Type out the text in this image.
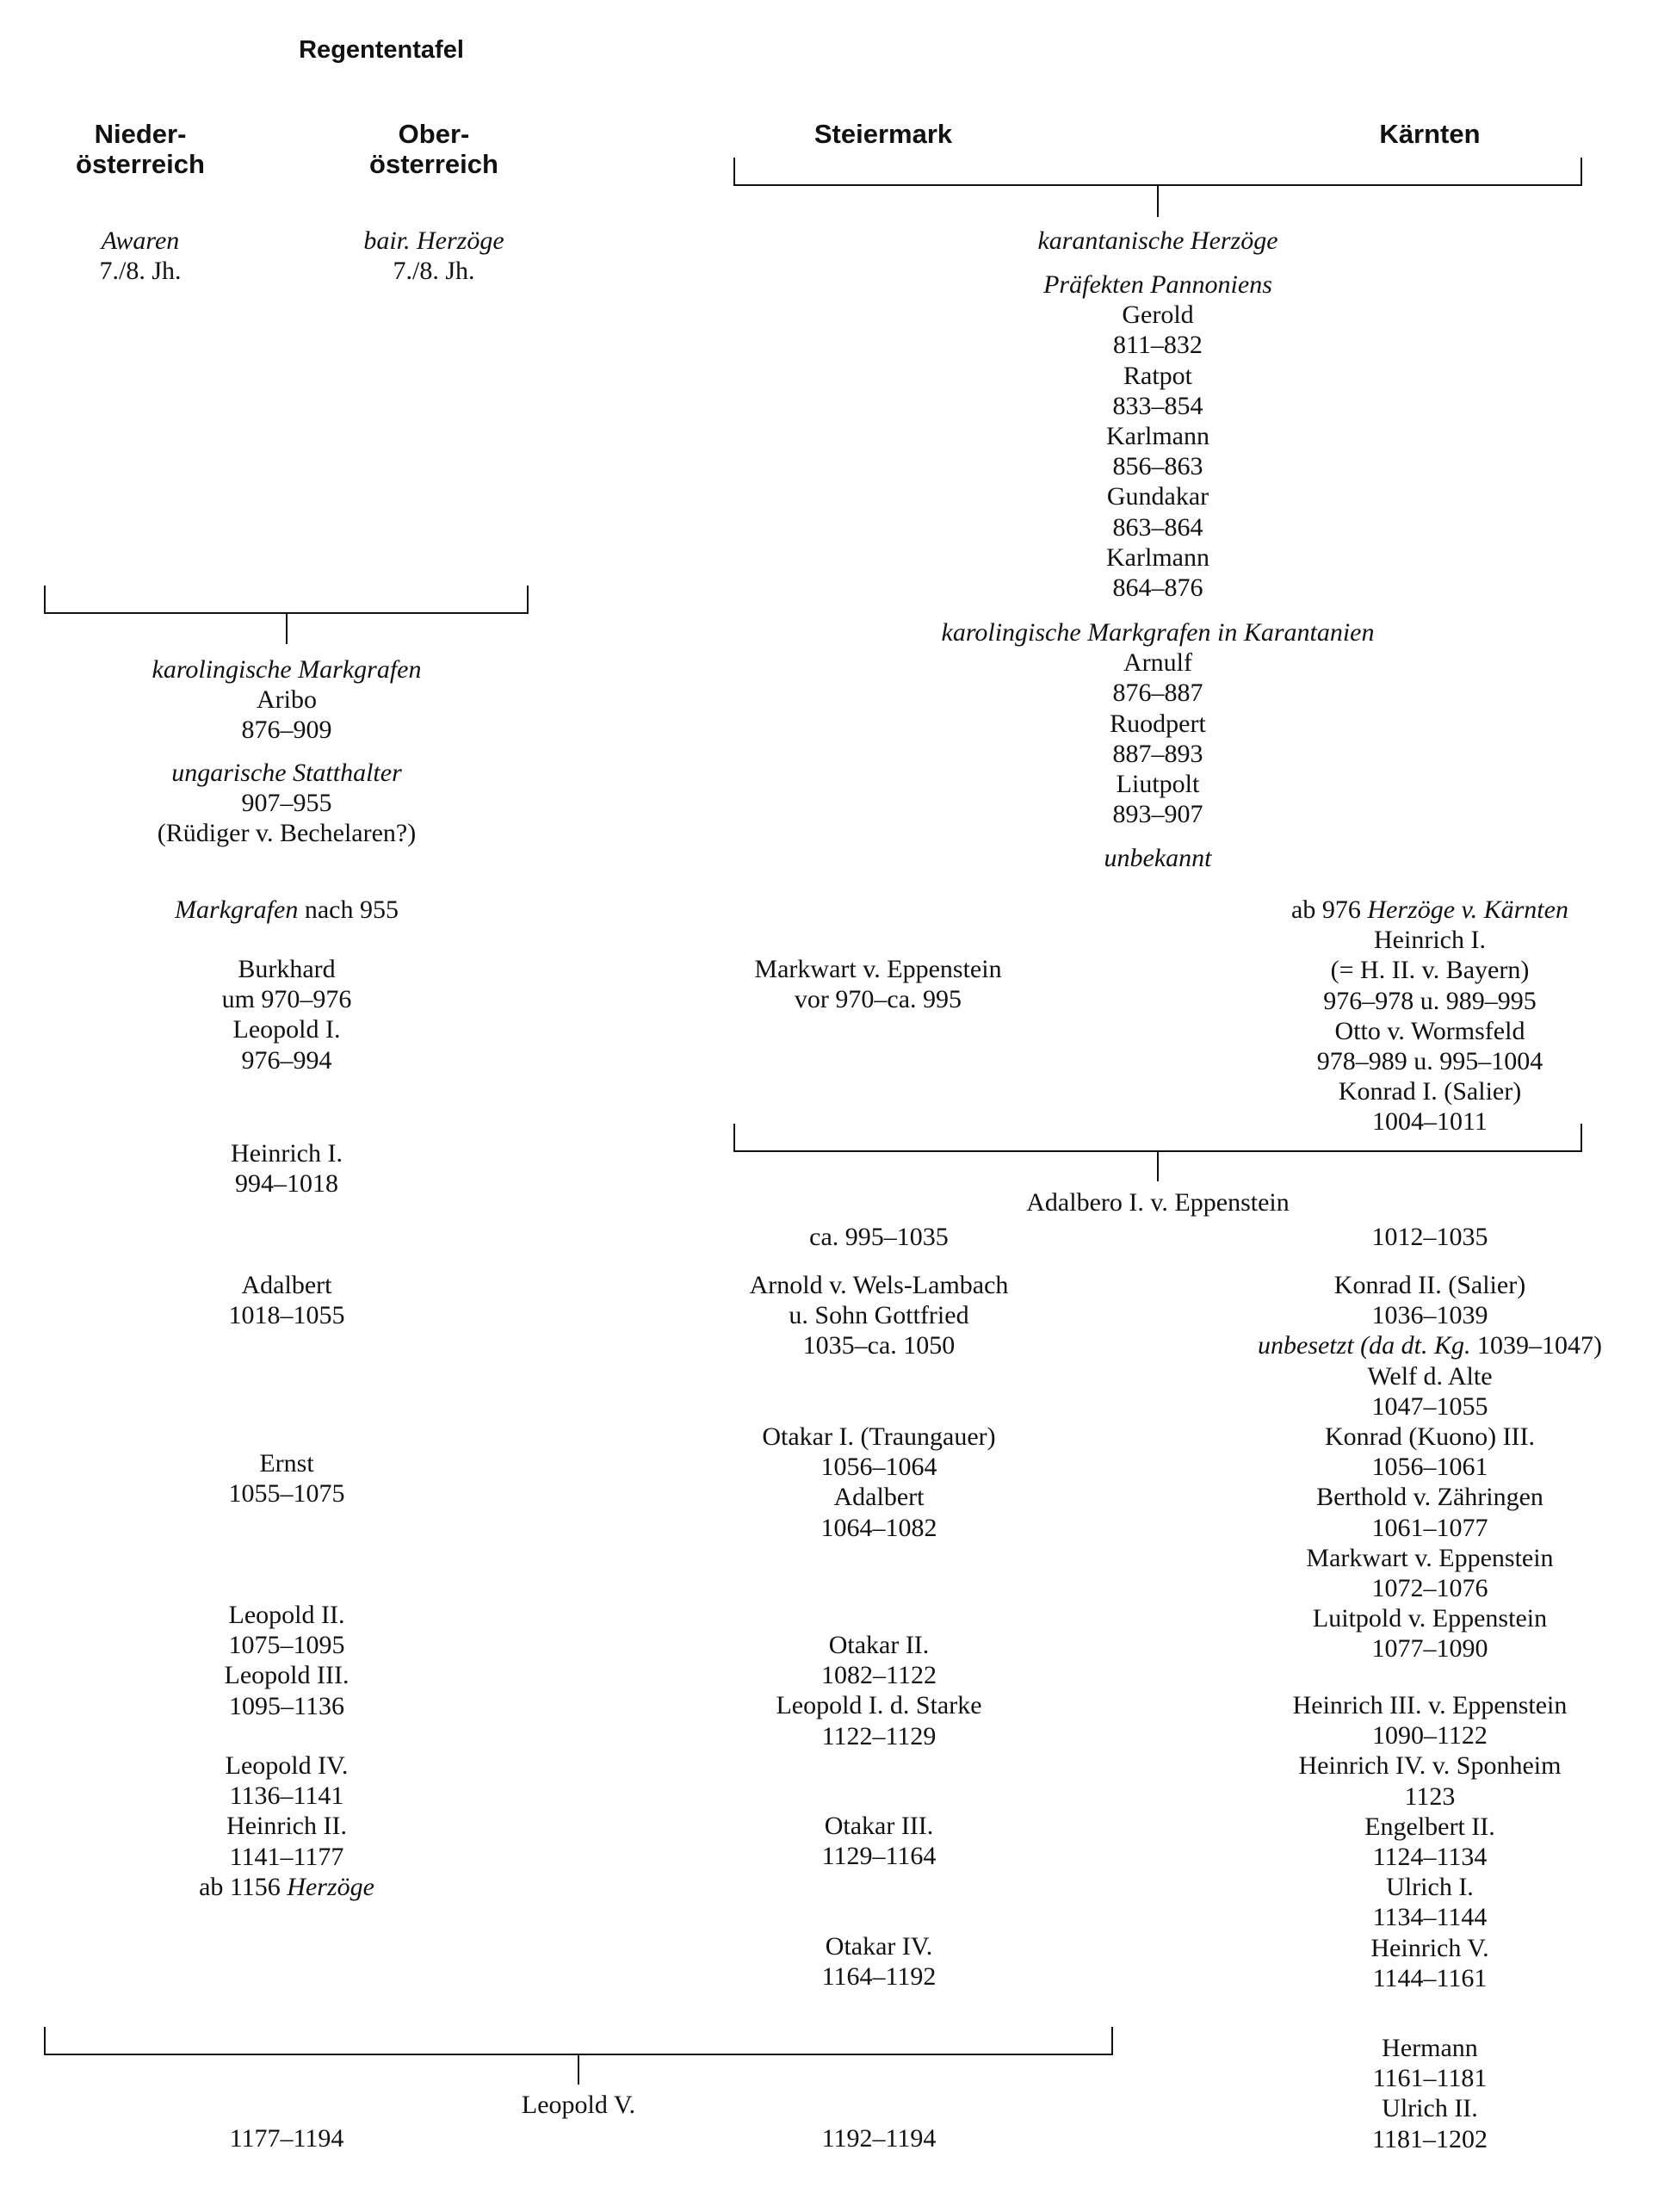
Regententafel
Nieder-
österreich
Ober-
österreich
Steiermark	Kärnten
Awaren
7./8. Jh.
bair. Herzöge
7./8. Jh.
karantanische Herzöge
Präfekten Pannoniens
Gerold
811–832
Ratpot
833–854
Karlmann
856–863
Gundakar
863–864
Karlmann
864–876
karolingische Markgrafen in Karantanien
Arnulf
876–887
Ruodpert
887–893
Liutpolt
893–907
unbekannt
karolingische Markgrafen
Aribo
876–909
ungarische Statthalter
907–955
(Rüdiger v. Bechelaren?)
Markgrafen nach 955
Burkhard
um 970–976
Leopold I.
976–994
Heinrich I.
994–1018
Adalbert
1018–1055
Ernst
1055–1075
Leopold II.
1075–1095
Leopold III.
1095–1136
Leopold IV.
1136–1141
Heinrich II.
1141–1177
ab 1156 Herzöge
Markwart v. Eppenstein
vor 970–ca. 995
Adalbero I. v. Eppenstein
ca. 995–1035
Arnold v. Wels-Lambach
u. Sohn Gottfried
1035–ca. 1050
Otakar I. (Traungauer)
1056–1064
Adalbert
1064–1082
Otakar II.
1082–1122
Leopold I. d. Starke
1122–1129
Otakar III.
1129–1164
Otakar IV.
1164–1192
ab 976 Herzöge v. Kärnten
Heinrich I.
(= H. II. v. Bayern)
976–978 u. 989–995
Otto v. Wormsfeld
978–989 u. 995–1004
Konrad I. (Salier)
1004–1011
1012–1035
Konrad II. (Salier)
1036–1039
unbesetzt (da dt. Kg. 1039–1047)
Welf d. Alte
1047–1055
Konrad (Kuono) III.
1056–1061
Berthold v. Zähringen
1061–1077
Markwart v. Eppenstein
1072–1076
Luitpold v. Eppenstein
1077–1090
Heinrich III. v. Eppenstein
1090–1122
Heinrich IV. v. Sponheim
1123
Engelbert II.
1124–1134
Ulrich I.
1134–1144
Heinrich V.
1144–1161
Hermann
1161–1181
Ulrich II.
1181–1202
Leopold V.
1177–1194	1192–1194
